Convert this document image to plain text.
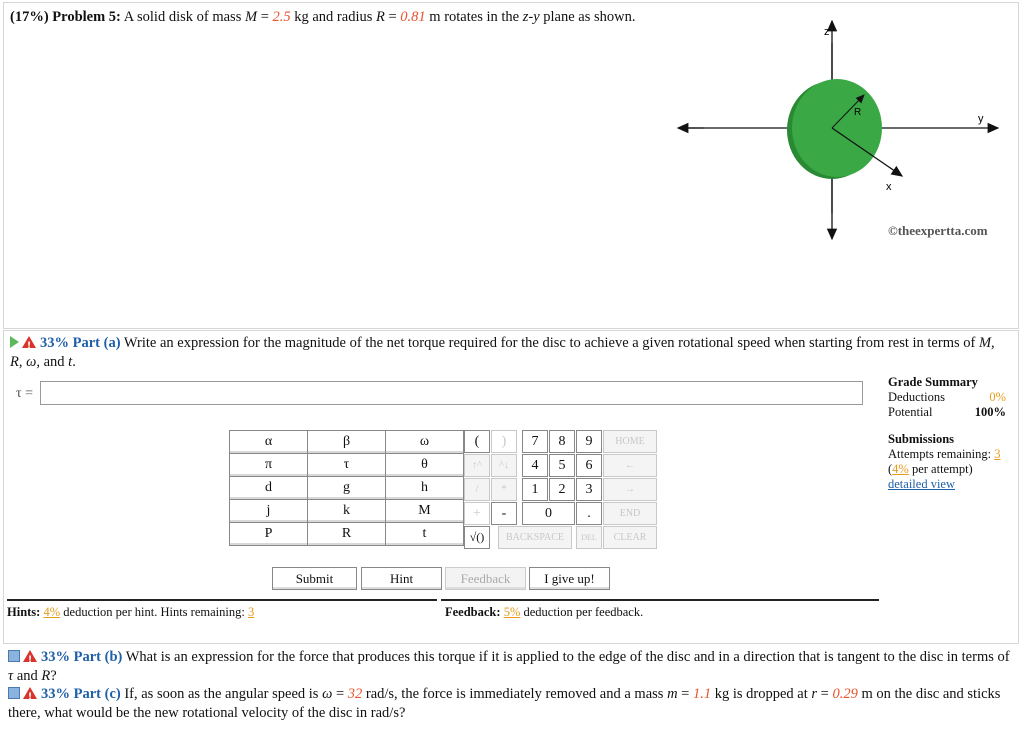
(17%) Problem 5: A solid disk of mass M = 2.5 kg and radius R = 0.81 m rotates in the z-y plane as shown.
z
y
x
R
©theexpertta.com
!33% Part (a) Write an expression for the magnitude of the net torque required for the disc to achieve a given rotational speed when starting from rest in terms of M, R, ω, and t.
τ =
Grade Summary
Deductions	0%
Potential	100%
Submissions
Attempts remaining: 3
(4% per attempt)
detailed view
α	β	ω
π	τ	θ
d	g	h
j	k	M
P	R	t
(	)	7	8	9	HOME
↑^	^↓	4	5	6	←
/	*	1	2	3	→
+	-	0	.	END
√()	BACKSPACE	DEL	CLEAR
Submit	Hint	Feedback	I give up!
Hints: 4% deduction per hint. Hints remaining: 3	Feedback: 5% deduction per feedback.
!33% Part (b) What is an expression for the force that produces this torque if it is applied to the edge of the disc and in a direction that is tangent to the disc in terms of τ and R?
!33% Part (c) If, as soon as the angular speed is ω = 32 rad/s, the force is immediately removed and a mass m = 1.1 kg is dropped at r = 0.29 m on the disc and sticks there, what would be the new rotational velocity of the disc in rad/s?
